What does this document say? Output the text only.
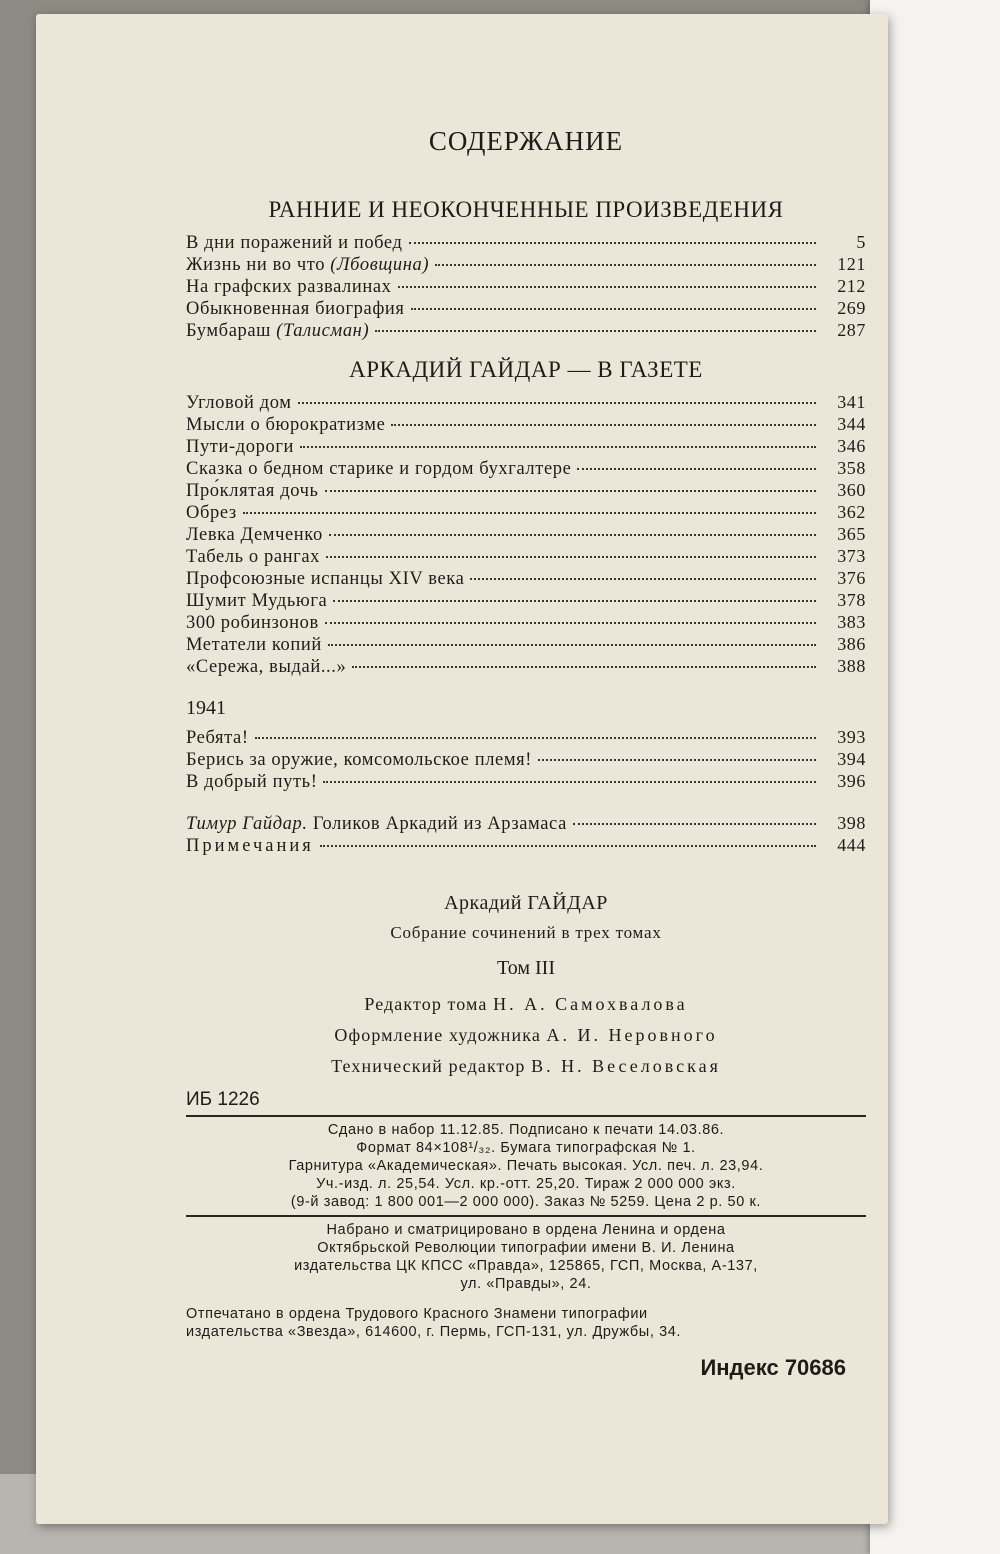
СОДЕРЖАНИЕ
РАННИЕ И НЕОКОНЧЕННЫЕ ПРОИЗВЕДЕНИЯ
В дни поражений и побед	5
Жизнь ни во что (Лбовщина)	121
На графских развалинах	212
Обыкновенная биография	269
Бумбараш (Талисман)	287
АРКАДИЙ ГАЙДАР — В ГАЗЕТЕ
Угловой дом	341
Мысли о бюрократизме	344
Пути-дороги	346
Сказка о бедном старике и гордом бухгалтере	358
Про́клятая дочь	360
Обрез	362
Левка Демченко	365
Табель о рангах	373
Профсоюзные испанцы XIV века	376
Шумит Мудьюга	378
300 робинзонов	383
Метатели копий	386
«Сережа, выдай...»	388
1941
Ребята!	393
Берись за оружие, комсомольское племя!	394
В добрый путь!	396
Тимур Гайдар. Голиков Аркадий из Арзамаса	398
Примечания	444
Аркадий ГАЙДАР
Собрание сочинений в трех томах
Том III
Редактор тома Н. А. Самохвалова
Оформление художника А. И. Неровного
Технический редактор В. Н. Веселовская
ИБ 1226
Сдано в набор 11.12.85. Подписано к печати 14.03.86.
Формат 84×108¹/₃₂. Бумага типографская № 1.
Гарнитура «Академическая». Печать высокая. Усл. печ. л. 23,94.
Уч.-изд. л. 25,54. Усл. кр.-отт. 25,20. Тираж 2 000 000 экз.
(9-й завод: 1 800 001—2 000 000). Заказ № 5259. Цена 2 р. 50 к.
Набрано и сматрицировано в ордена Ленина и ордена
Октябрьской Революции типографии имени В. И. Ленина
издательства ЦК КПСС «Правда», 125865, ГСП, Москва, А-137,
ул. «Правды», 24.
Отпечатано в ордена Трудового Красного Знамени типографии
издательства «Звезда», 614600, г. Пермь, ГСП-131, ул. Дружбы, 34.
Индекс 70686
